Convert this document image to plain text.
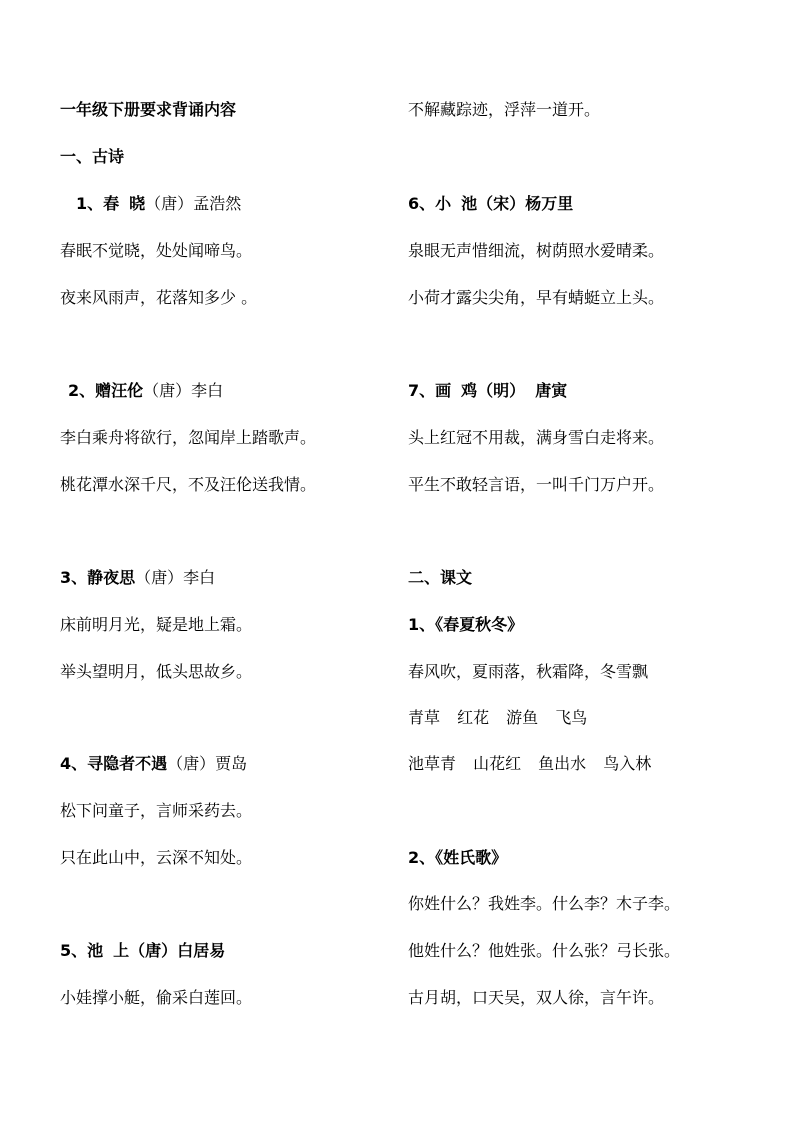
一年级下册要求背诵内容
一、古诗
1、春 晓（唐）孟浩然
春眠不觉晓，处处闻啼鸟。
夜来风雨声，花落知多少 。
2、赠汪伦（唐）李白
李白乘舟将欲行，忽闻岸上踏歌声。
桃花潭水深千尺，不及汪伦送我情。
3、静夜思（唐）李白
床前明月光，疑是地上霜。
举头望明月，低头思故乡。
4、寻隐者不遇（唐）贾岛
松下问童子，言师采药去。
只在此山中，云深不知处。
5、池 上（唐）白居易
小娃撑小艇，偷采白莲回。
不解藏踪迹，浮萍一道开。
6、小 池（宋）杨万里
泉眼无声惜细流，树荫照水爱晴柔。
小荷才露尖尖角，早有蜻蜓立上头。
7、画 鸡（明） 唐寅
头上红冠不用裁，满身雪白走将来。
平生不敢轻言语，一叫千门万户开。
二、课文
1、《春夏秋冬》
春风吹，夏雨落，秋霜降，冬雪飘
青草 红花 游鱼 飞鸟
池草青 山花红 鱼出水 鸟入林
2、《姓氏歌》
你姓什么？我姓李。什么李？木子李。
他姓什么？他姓张。什么张？弓长张。
古月胡，口天吴，双人徐，言午许。
